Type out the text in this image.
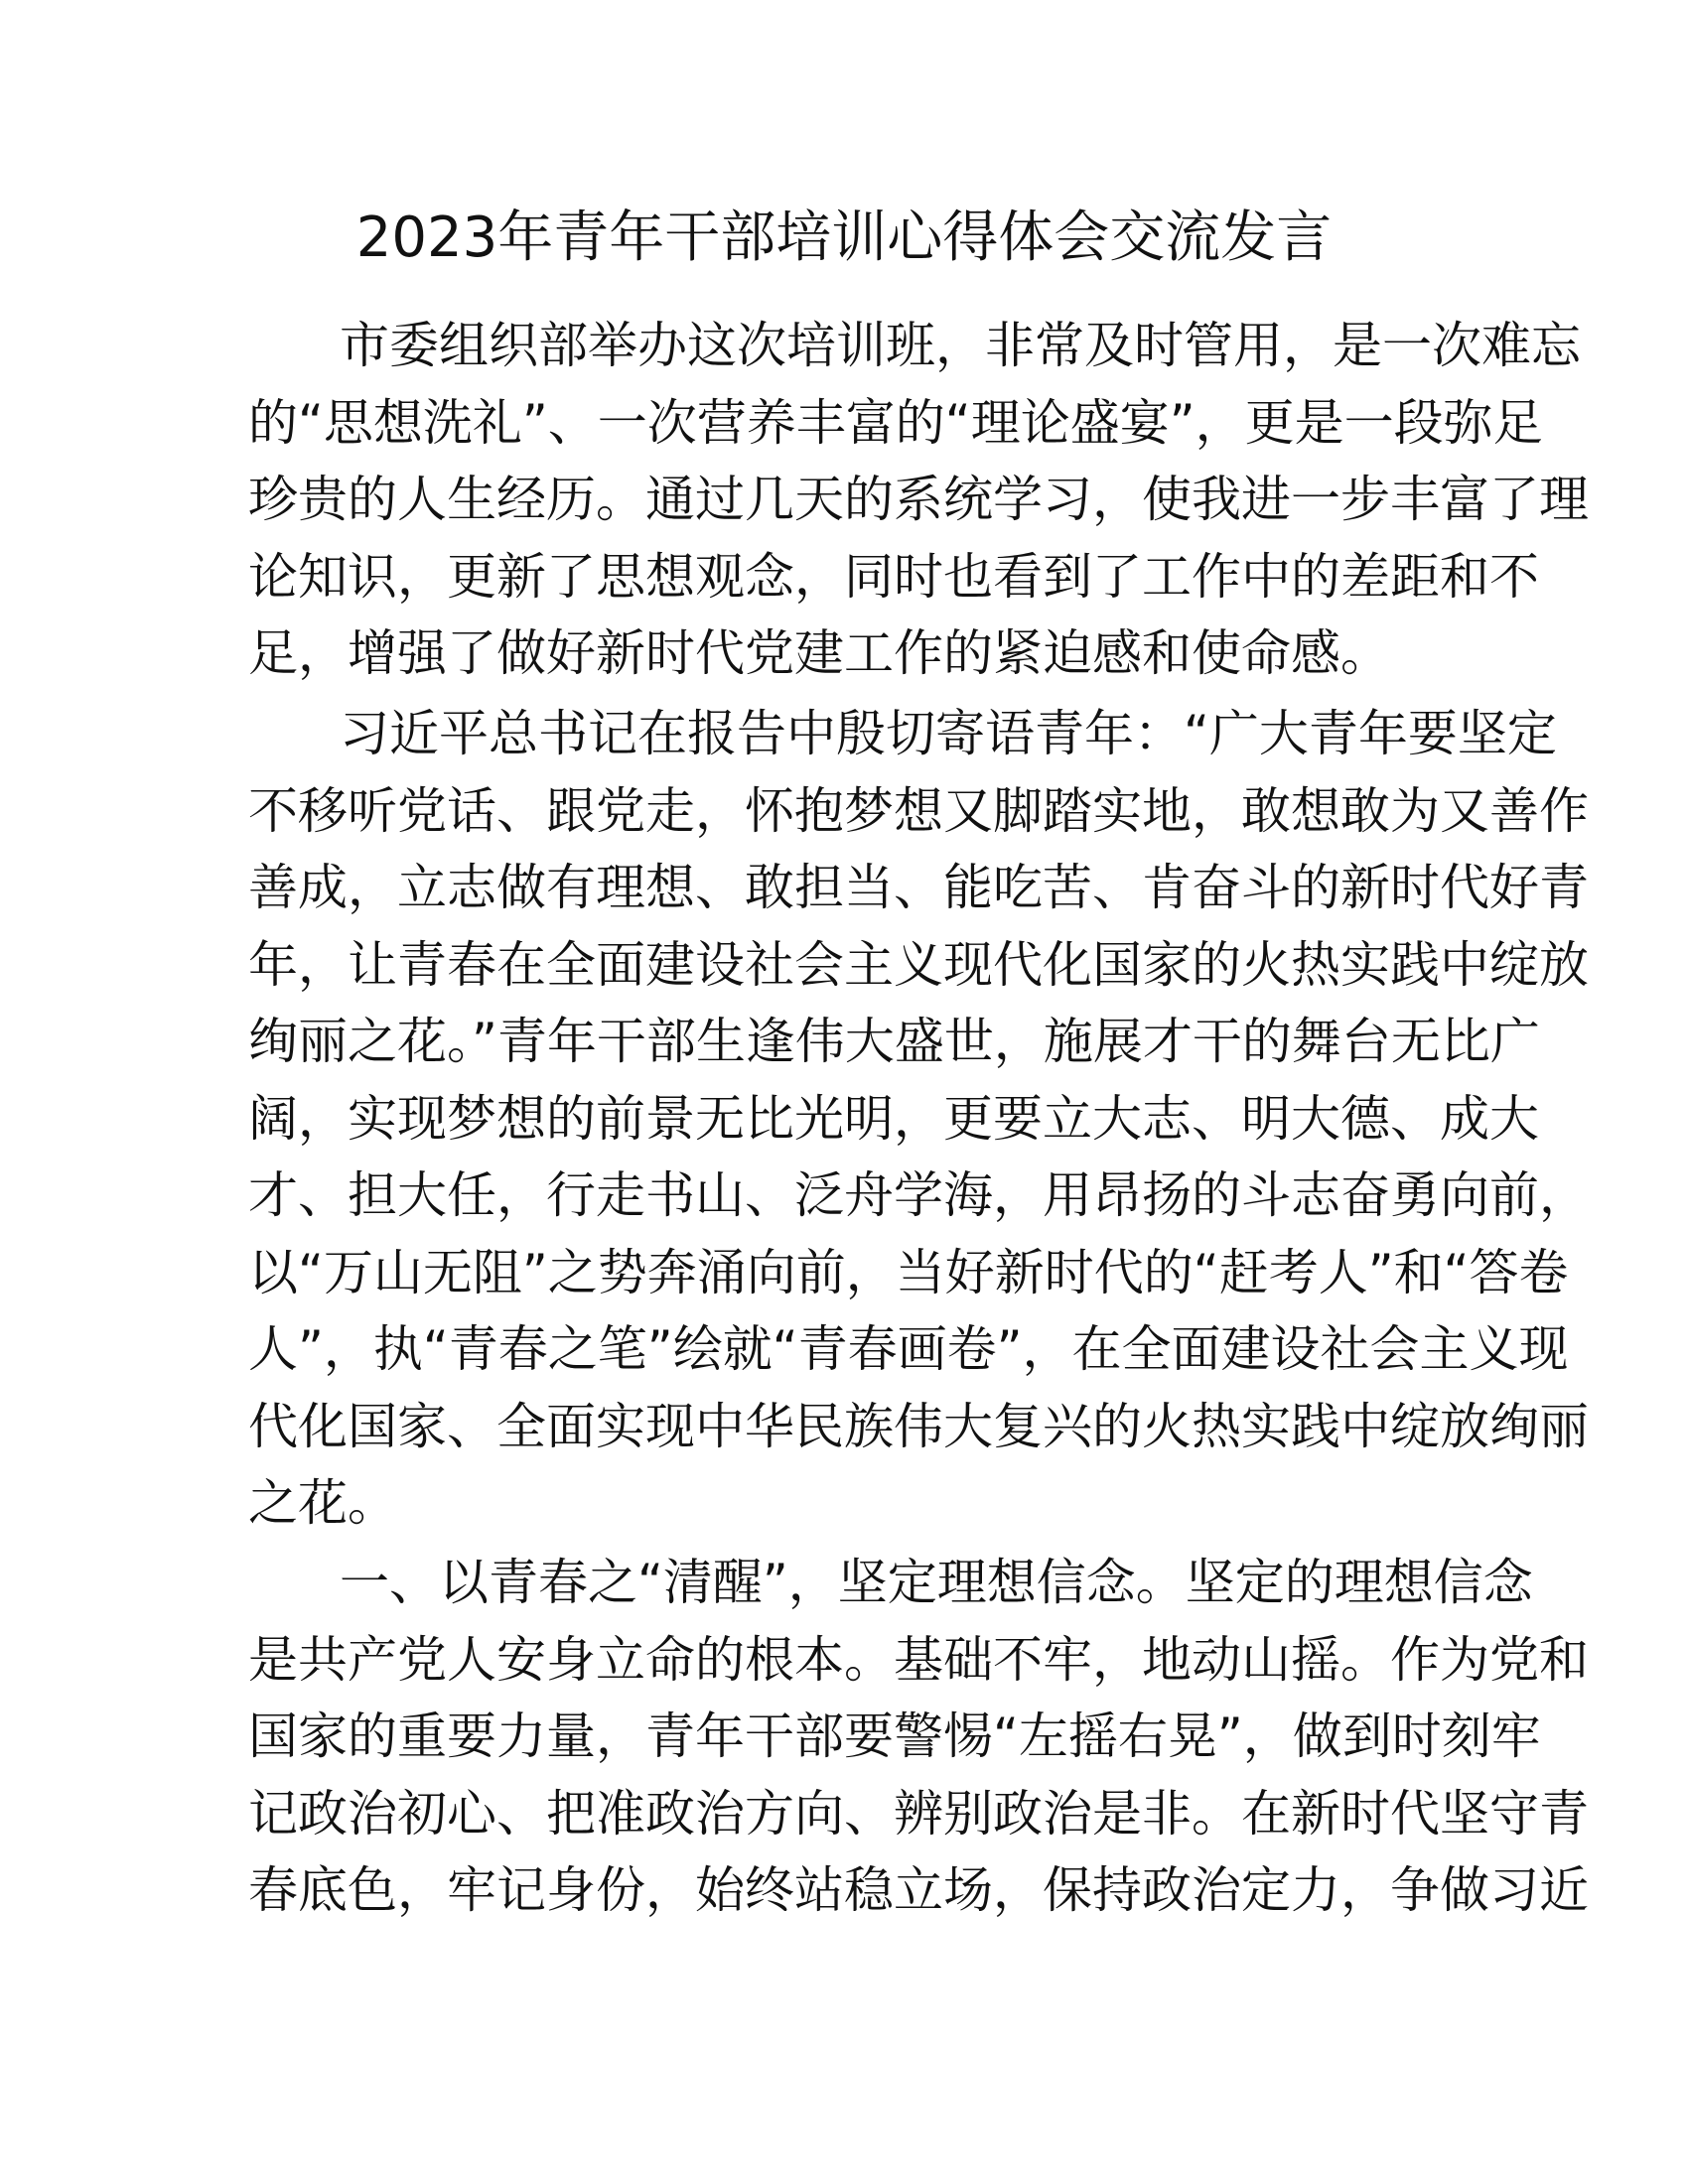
2023年青年干部培训心得体会交流发言
市委组织部举办这次培训班，非常及时管用，是一次难忘
的“思想洗礼”、一次营养丰富的“理论盛宴”，更是一段弥足
珍贵的人生经历。通过几天的系统学习，使我进一步丰富了理
论知识，更新了思想观念，同时也看到了工作中的差距和不
足，增强了做好新时代党建工作的紧迫感和使命感。
习近平总书记在报告中殷切寄语青年：“广大青年要坚定
不移听党话、跟党走，怀抱梦想又脚踏实地，敢想敢为又善作
善成，立志做有理想、敢担当、能吃苦、肯奋斗的新时代好青
年，让青春在全面建设社会主义现代化国家的火热实践中绽放
绚丽之花。”青年干部生逢伟大盛世，施展才干的舞台无比广
阔，实现梦想的前景无比光明，更要立大志、明大德、成大
才、担大任，行走书山、泛舟学海，用昂扬的斗志奋勇向前，
以“万山无阻”之势奔涌向前，当好新时代的“赶考人”和“答卷
人”，执“青春之笔”绘就“青春画卷”，在全面建设社会主义现
代化国家、全面实现中华民族伟大复兴的火热实践中绽放绚丽
之花。
一、以青春之“清醒”，坚定理想信念。坚定的理想信念
是共产党人安身立命的根本。基础不牢，地动山摇。作为党和
国家的重要力量，青年干部要警惕“左摇右晃”，做到时刻牢
记政治初心、把准政治方向、辨别政治是非。在新时代坚守青
春底色，牢记身份，始终站稳立场，保持政治定力，争做习近
